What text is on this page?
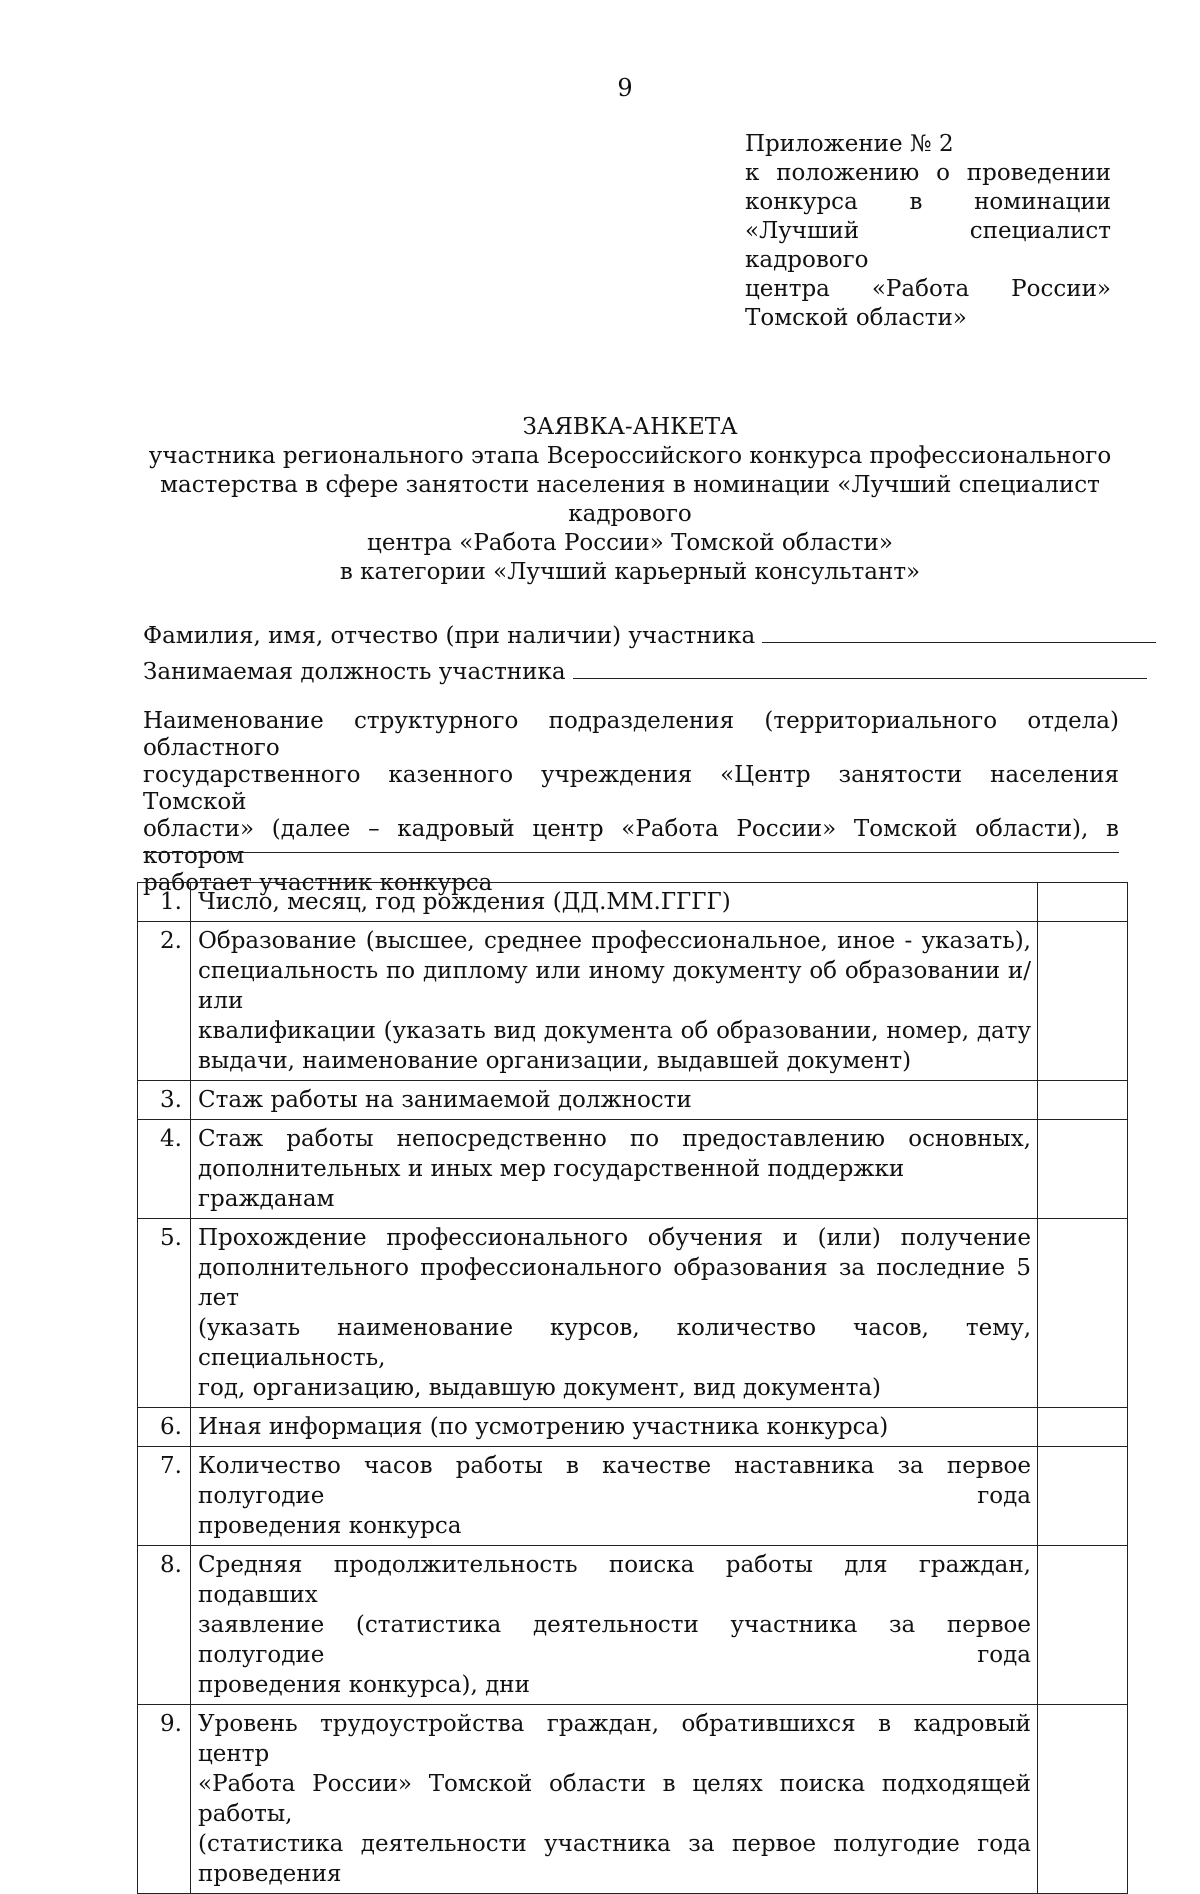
9
Приложение № 2
к положению о проведении
конкурса в номинации
«Лучший специалист кадрового
центра «Работа России»
Томской области»
ЗАЯВКА-АНКЕТА
участника регионального этапа Всероссийского конкурса профессионального
мастерства в сфере занятости населения в номинации «Лучший специалист кадрового
центра «Работа России» Томской области»
в категории «Лучший карьерный консультант»
Фамилия, имя, отчество (при наличии) участника
Занимаемая должность участника
Наименование структурного подразделения (территориального отдела) областного
государственного казенного учреждения «Центр занятости населения Томской
области» (далее – кадровый центр «Работа России» Томской области), в котором
работает участник конкурса
1.	Число, месяц, год рождения (ДД.ММ.ГГГГ)	

2.	Образование (высшее, среднее профессиональное, иное - указать),
специальность по диплому или иному документу об образовании и/или
квалификации (указать вид документа об образовании, номер, дату
выдачи, наименование организации, выдавшей документ)	

3.	Стаж работы на занимаемой должности	

4.	Стаж работы непосредственно по предоставлению основных,
дополнительных и иных мер государственной поддержки гражданам	

5.	Прохождение профессионального обучения и (или) получение
дополнительного профессионального образования за последние 5 лет
(указать наименование курсов, количество часов, тему, специальность,
год, организацию, выдавшую документ, вид документа)	

6.	Иная информация (по усмотрению участника конкурса)	

7.	Количество часов работы в качестве наставника за первое полугодие года
проведения конкурса	

8.	Средняя продолжительность поиска работы для граждан, подавших
заявление (статистика деятельности участника за первое полугодие года
проведения конкурса), дни	

9.	Уровень трудоустройства граждан, обратившихся в кадровый центр
«Работа России» Томской области в целях поиска подходящей работы,
(статистика деятельности участника за первое полугодие года проведения	
